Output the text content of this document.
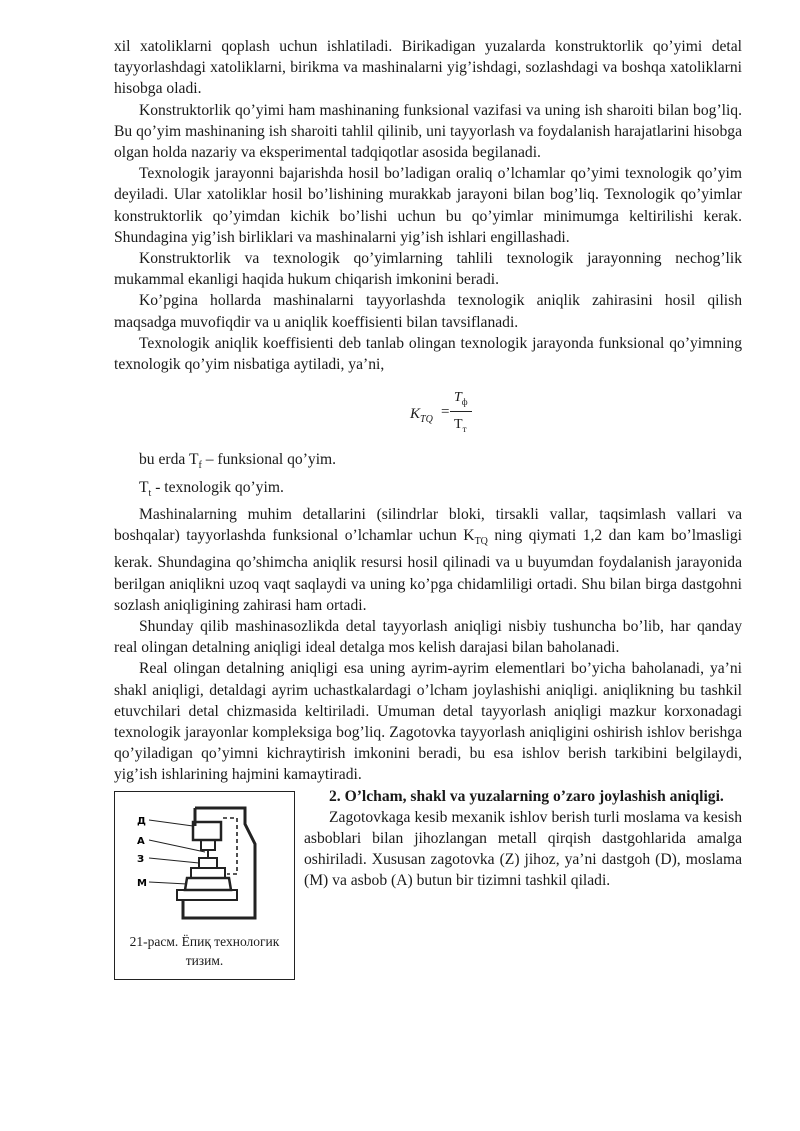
xil xatoliklarni qoplash uchun ishlatiladi. Birikadigan yuzalarda konstruktorlik qo’yimi detal tayyorlashdagi xatoliklarni, birikma va mashinalarni yig’ishdagi, sozlashdagi va boshqa xatoliklarni hisobga oladi.

Konstruktorlik qo’yimi ham mashinaning funksional vazifasi va uning ish sharoiti bilan bog’liq. Bu qo’yim mashinaning ish sharoiti tahlil qilinib, uni tayyorlash va foydalanish harajatlarini hisobga olgan holda nazariy va eksperimental tadqiqotlar asosida begilanadi.

Texnologik jarayonni bajarishda hosil bo’ladigan oraliq o’lchamlar qo’yimi texnologik qo’yim deyiladi. Ular xatoliklar hosil bo’lishining murakkab jarayoni bilan bog’liq. Texnologik qo’yimlar konstruktorlik qo’yimdan kichik bo’lishi uchun bu qo’yimlar minimumga keltirilishi kerak. Shundagina yig’ish birliklari va mashinalarni yig’ish ishlari engillashadi.

Konstruktorlik va texnologik qo’yimlarning tahlili texnologik jarayonning nechog’lik mukammal ekanligi haqida hukum chiqarish imkonini beradi.

Ko’pgina hollarda mashinalarni tayyorlashda texnologik aniqlik zahirasini hosil qilish maqsadga muvofiqdir va u aniqlik koeffisienti bilan tavsiflanadi.

Texnologik aniqlik koeffisienti deb tanlab olingan texnologik jarayonda funksional qo’yimning texnologik qo’yim nisbatiga aytiladi, ya’ni,

$K_{TQ}$ =
$T_ф$
$T_т$

bu erda $T_f$ – funksional qo’yim.

$T_t$ - texnologik qo’yim.

Mashinalarning muhim detallarini (silindrlar bloki, tirsakli vallar, taqsimlash vallari va boshqalar) tayyorlashda funksional o’lchamlar uchun $K_{TQ}$ ning qiymati 1,2 dan kam bo’lmasligi kerak. Shundagina qo’shimcha aniqlik resursi hosil qilinadi va u buyumdan foydalanish jarayonida berilgan aniqlikni uzoq vaqt saqlaydi va uning ko’pga chidamliligi ortadi. Shu bilan birga dastgohni sozlash aniqligining zahirasi ham ortadi.

Shunday qilib mashinasozlikda detal tayyorlash aniqligi nisbiy tushuncha bo’lib, har qanday real olingan detalning aniqligi ideal detalga mos kelish darajasi bilan baholanadi.

Real olingan detalning aniqligi esa uning ayrim-ayrim elementlari bo’yicha baholanadi, ya’ni shakl aniqligi, detaldagi ayrim uchastkalardagi o’lcham joylashishi aniqligi. aniqlikning bu tashkil etuvchilari detal chizmasida keltiriladi. Umuman detal tayyorlash aniqligi mazkur korxonadagi texnologik jarayonlar kompleksiga bog’liq. Zagotovka tayyorlash aniqligini oshirish ishlov berishga qo’yiladigan qo’yimni kichraytirish imkonini beradi, bu esa ishlov berish tarkibini belgilaydi, yig’ish ishlarining hajmini kamaytiradi.

Д
А
З
М
21-расм. Ёпиқ технологик тизим.

2. O’lcham, shakl va yuzalarning o’zaro joylashish aniqligi.

Zagotovkaga kesib mexanik ishlov berish turli moslama va kesish asboblari bilan jihozlangan metall qirqish dastgohlarida amalga oshiriladi. Xususan zagotovka (Z) jihoz, ya’ni dastgoh (D), moslama (M) va asbob (A) butun bir tizimni tashkil qiladi.
